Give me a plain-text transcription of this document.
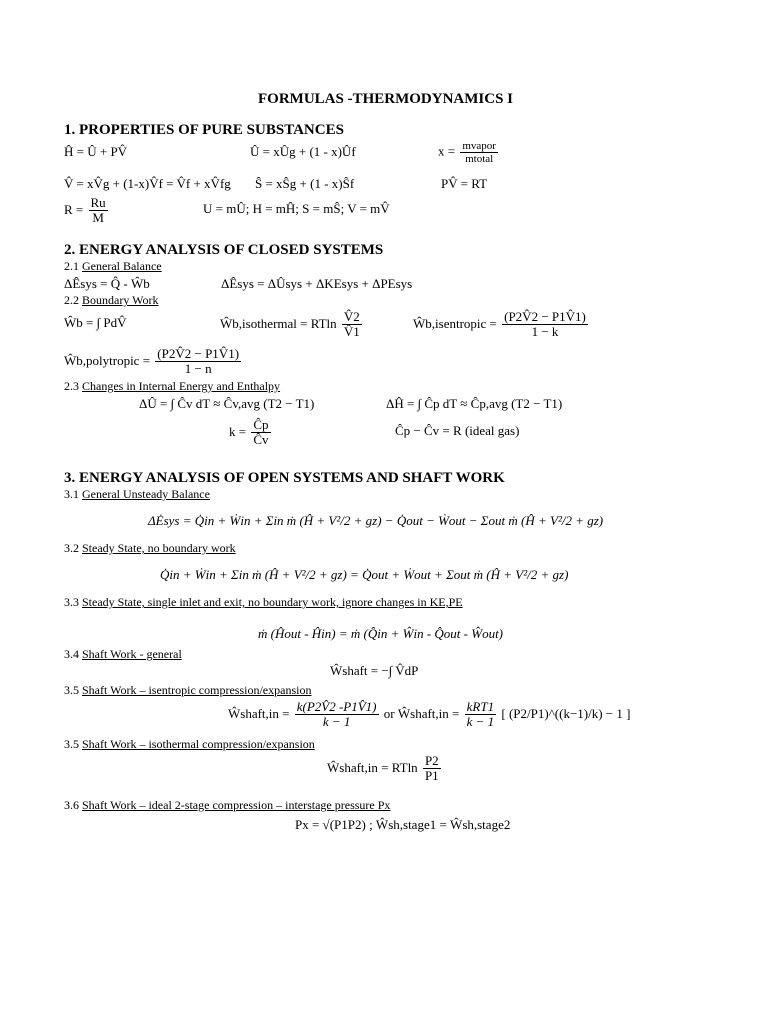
FORMULAS -THERMODYNAMICS I
1. PROPERTIES OF PURE SUBSTANCES
Ĥ = Û + PV̂	Û = xÛg + (1 - x)Ûf	$x = \frac{\text{mvapor}}{\text{mtotal}}$
V̂ = xV̂g + (1-x)V̂f = V̂f + xV̂fg Ŝ = xŜg + (1 - x)Ŝf	PV̂ = RT
$R = \frac{Ru}{M}$	U = mÛ; H = mĤ; S = mŜ; V = mV̂
2. ENERGY ANALYSIS OF CLOSED SYSTEMS
2.1 General Balance
ΔÊsys = Q̂ - Ŵb	ΔÊsys = ΔÛsys + ΔKEsys + ΔPEsys
2.2 Boundary Work
Ŵb = ∫ PdV̂	Ŵb,isothermal = RTln $\frac{V̂2}{V̂1}$	Ŵb,isentropic = $\frac{(P2V̂2 - P1V̂1)}{1 - k}$
Ŵb,polytropic = $\frac{(P2V̂2 - P1V̂1)}{1 - n}$
2.3 Changes in Internal Energy and Enthalpy
ΔÛ = ∫ Ĉv dT ≈ Ĉv,avg (T2 − T1)	ΔĤ = ∫ Ĉp dT ≈ Ĉp,avg (T2 − T1)
$k = \frac{Ĉp}{Ĉv}$	Ĉp − Ĉv = R (ideal gas)
3. ENERGY ANALYSIS OF OPEN SYSTEMS AND SHAFT WORK
3.1 General Unsteady Balance
ΔĖsys = Q̇in + Ẇin + Σin ṁ (Ĥ + V²/2 + gz) − Q̇out − Ẇout − Σout ṁ (Ĥ + V²/2 + gz)
3.2 Steady State, no boundary work
Q̇in + Ẇin + Σin ṁ (Ĥ + V²/2 + gz) = Q̇out + Ẇout + Σout ṁ (Ĥ + V²/2 + gz)
3.3 Steady State, single inlet and exit, no boundary work, ignore changes in KE,PE
ṁ (Ĥout - Ĥin) = ṁ (Q̂in + Ŵin - Q̂out - Ŵout)
3.4 Shaft Work - general
Ŵshaft = −∫ V̂dP
3.5 Shaft Work – isentropic compression/expansion
Ŵshaft,in = $\frac{k(P2V̂2 -P1V̂1)}{k - 1}$ or Ŵshaft,in = $\frac{\text{kRT1}}{k - 1}$ [ (P2/P1)^((k−1)/k) − 1 ]
3.5 Shaft Work – isothermal compression/expansion
Ŵshaft,in = RTln $\frac{P2}{P1}$
3.6 Shaft Work – ideal 2-stage compression – interstage pressure Px
Px = √(P1P2) ; Ŵsh,stage1 = Ŵsh,stage2
